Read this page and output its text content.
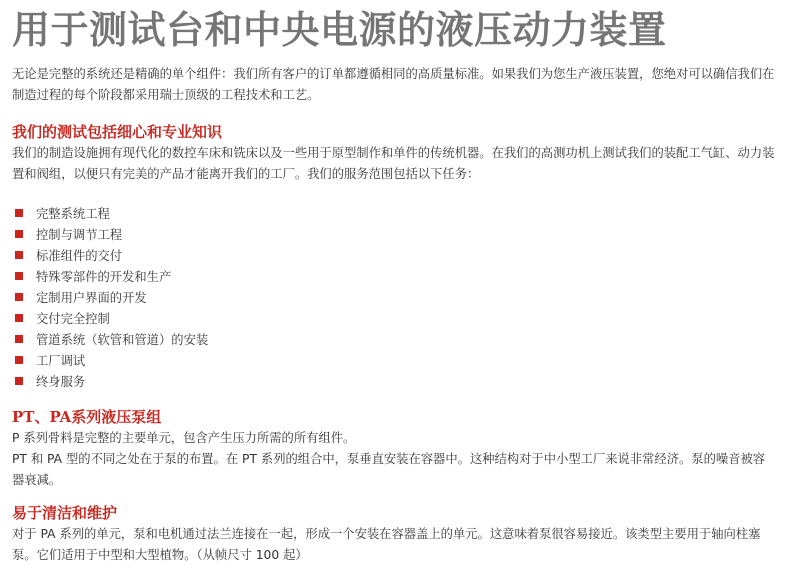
用于测试台和中央电源的液压动力装置

无论是完整的系统还是精确的单个组件：我们所有客户的订单都遵循相同的高质量标准。如果我们为您生产液压装置，您绝对可以确信我们在制造过程的每个阶段都采用瑞士顶级的工程技术和工艺。

我们的测试包括细心和专业知识

我们的制造设施拥有现代化的数控车床和铣床以及一些用于原型制作和单件的传统机器。在我们的高测功机上测试我们的装配工气缸、动力装置和阀组，以便只有完美的产品才能离开我们的工厂。我们的服务范围包括以下任务：

完整系统工程
控制与调节工程
标准组件的交付
特殊零部件的开发和生产
定制用户界面的开发
交付完全控制
管道系统（软管和管道）的安装
工厂调试
终身服务
PT、PA系列液压泵组

P 系列骨料是完整的主要单元，包含产生压力所需的所有组件。

PT 和 PA 型的不同之处在于泵的布置。在 PT 系列的组合中，泵垂直安装在容器中。这种结构对于中小型工厂来说非常经济。泵的噪音被容器衰减。

易于清洁和维护

对于 PA 系列的单元，泵和电机通过法兰连接在一起，形成一个安装在容器盖上的单元。这意味着泵很容易接近。该类型主要用于轴向柱塞泵。它们适用于中型和大型植物。（从帧尺寸 100 起）
